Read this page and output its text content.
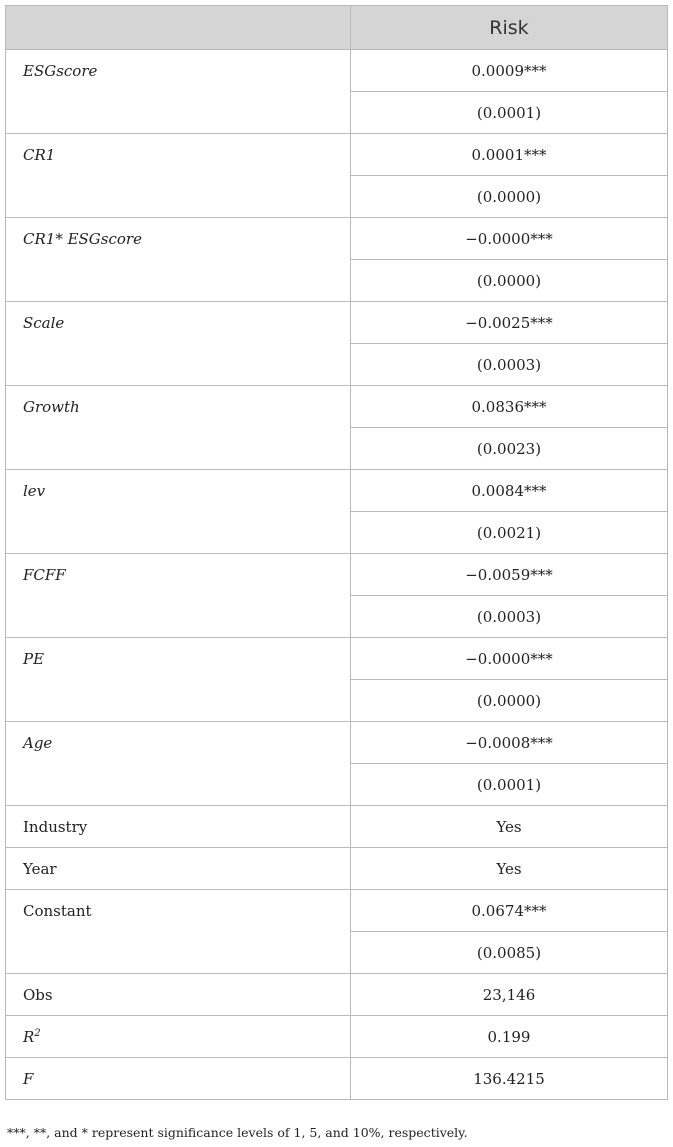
	Risk

ESGscore	0.0009***
	(0.0001)

CR1	0.0001***
	(0.0000)

CR1* ESGscore	−0.0000***
	(0.0000)

Scale	−0.0025***
	(0.0003)

Growth	0.0836***
	(0.0023)

lev	0.0084***
	(0.0021)

FCFF	−0.0059***
	(0.0003)

PE	−0.0000***
	(0.0000)

Age	−0.0008***
	(0.0001)

Industry	Yes

Year	Yes

Constant	0.0674***
	(0.0085)

Obs	23,146

$R^2$	0.199

F	136.4215
***, **, and * represent significance levels of 1, 5, and 10%, respectively.
